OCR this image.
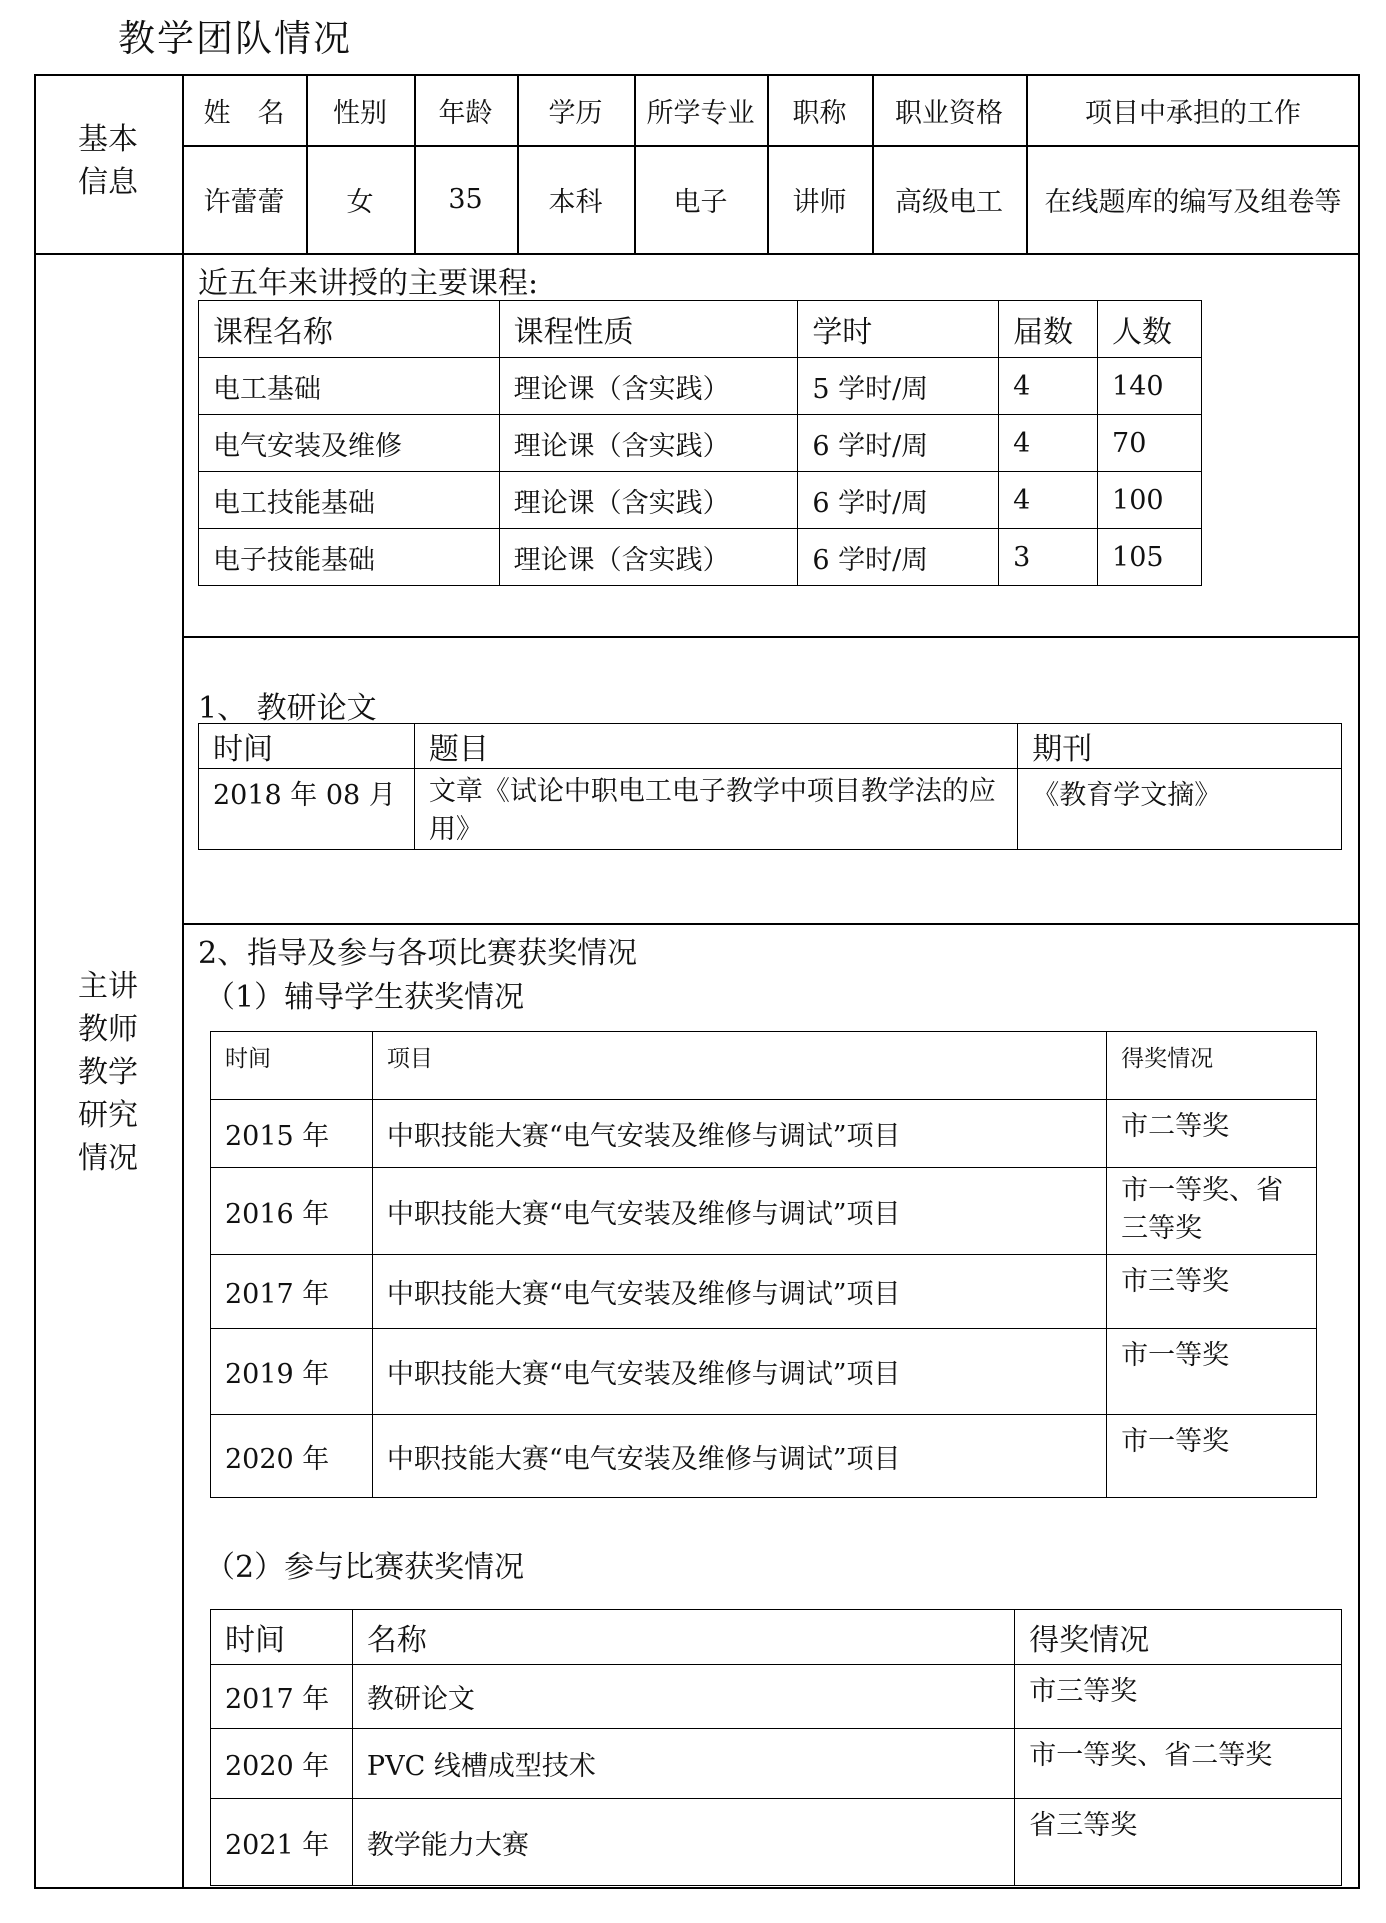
教学团队情况
基本
信息
姓　名	性别	年龄	学历	所学专业	职称	职业资格	项目中承担的工作
许蕾蕾	女	35	本科	电子	讲师	高级电工	在线题库的编写及组卷等
主讲
教师
教学
研究
情况
近五年来讲授的主要课程:
课程名称	课程性质	学时	届数	人数
电工基础	理论课（含实践）	5 学时/周	4	140
电气安装及维修	理论课（含实践）	6 学时/周	4	70
电工技能基础	理论课（含实践）	6 学时/周	4	100
电子技能基础	理论课（含实践）	6 学时/周	3	105
1、 教研论文
时间	题目	期刊
2018 年 08 月	文章《试论中职电工电子教学中项目教学法的应用》	《教育学文摘》
2、指导及参与各项比赛获奖情况
（1）辅导学生获奖情况
时间	项目	得奖情况
2015 年	中职技能大赛“电气安装及维修与调试”项目	市二等奖
2016 年	中职技能大赛“电气安装及维修与调试”项目	市一等奖、省三等奖
2017 年	中职技能大赛“电气安装及维修与调试”项目	市三等奖
2019 年	中职技能大赛“电气安装及维修与调试”项目	市一等奖
2020 年	中职技能大赛“电气安装及维修与调试”项目	市一等奖
（2）参与比赛获奖情况
时间	名称	得奖情况
2017 年	教研论文	市三等奖
2020 年	PVC 线槽成型技术	市一等奖、省二等奖
2021 年	教学能力大赛	省三等奖
